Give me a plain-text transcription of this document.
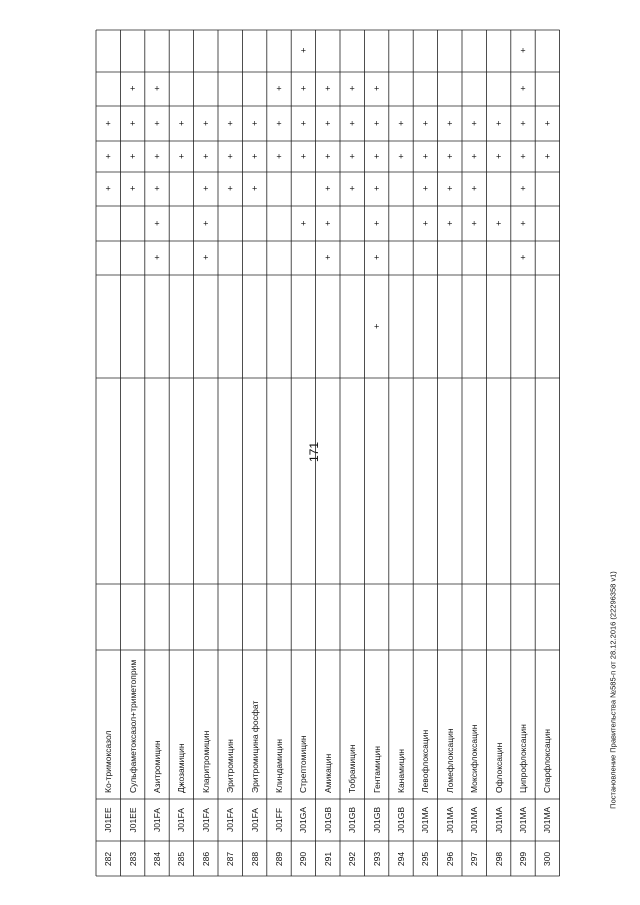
171
Постановление Правительства №585-п от 28.12.2016 (22296358 v1)
282
J01EE
Ко-тримоксазол
+
+
+
283
J01EE
Сульфаметоксазол+триметоприм
+
+
+
+
284
J01FA
Азитромицин
+
+
+
+
+
+
285
J01FA
Джозамицин
+
+
286
J01FA
Кларитромицин
+
+
+
+
+
287
J01FA
Эритромицин
+
+
+
288
J01FA
Эритромицина фосфат
+
+
+
289
J01FF
Клиндамицин
+
+
+
290
J01GA
Стрептомицин
+
+
+
+
+
291
J01GB
Амикацин
+
+
+
+
+
+
292
J01GB
Тобрамицин
+
+
+
+
293
J01GB
Гентамицин
+
+
+
+
+
+
+
294
J01GB
Канамицин
+
+
295
J01MA
Левофлоксацин
+
+
+
+
296
J01MA
Ломефлоксацин
+
+
+
+
297
J01MA
Моксифлоксацин
+
+
+
+
298
J01MA
Офлоксацин
+
+
+
299
J01MA
Ципрофлоксацин
+
+
+
+
+
+
+
300
J01MA
Спарфлоксацин
+
+
